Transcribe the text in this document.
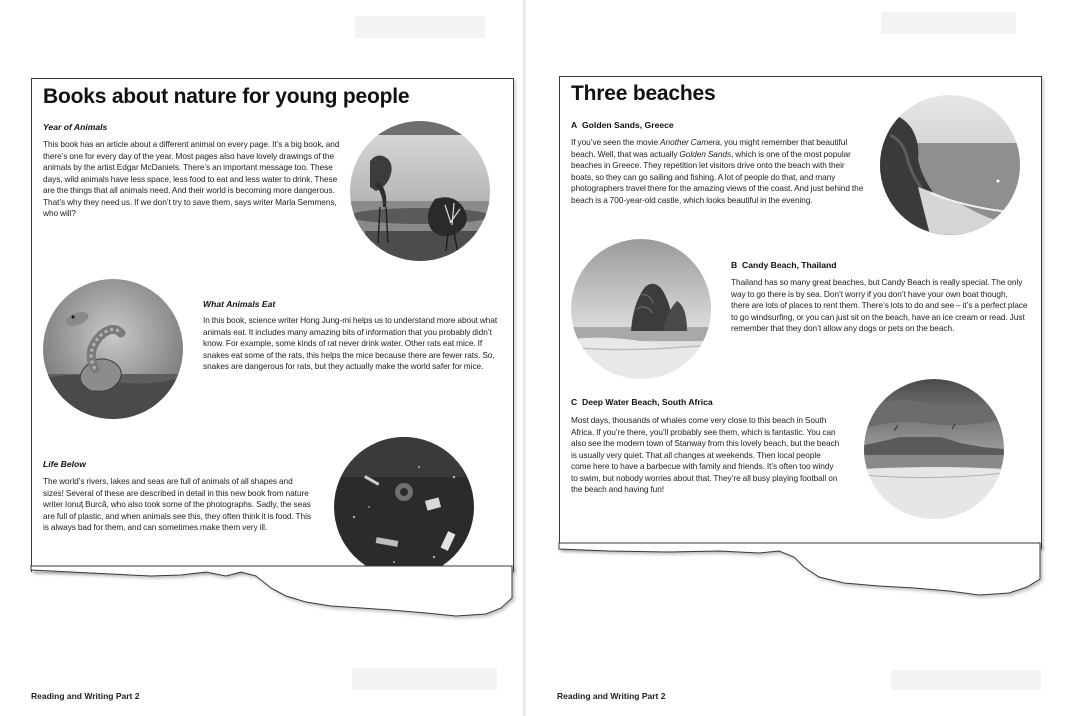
Books about nature for young people
Year of Animals

This book has an article about a different animal on every page. It’s a big book, and there’s one for every day of the year. Most pages also have lovely drawings of the animals by the artist Edgar McDaniels. There’s an important message too. These days, wild animals have less space, less food to eat and less water to drink. These are the things that all animals need. And their world is becoming more dangerous. That’s why they need us. If we don’t try to save them, says writer Marla Semmens, who will?

What Animals Eat

In this book, science writer Hong Jung-mi helps us to understand more about what animals eat. It includes many amazing bits of information that you probably didn’t know. For example, some kinds of rat never drink water. Other rats eat mice. If snakes eat some of the rats, this helps the mice because there are fewer rats. So, snakes are dangerous for rats, but they actually make the world safer for mice.

Life Below

The world’s rivers, lakes and seas are full of animals of all shapes and sizes! Several of these are described in detail in this new book from nature writer Ionuț Burcă, who also took some of the photographs. Sadly, the seas are full of plastic, and when animals see this, they often think it is food. This is always bad for them, and can sometimes make them very ill.

Reading and Writing Part 2
Three beaches
A Golden Sands, Greece

If you’ve seen the movie Another Camera, you might remember that beautiful beach. Well, that was actually Golden Sands, which is one of the most popular beaches in Greece. They repetition let visitors drive onto the beach with their boats, so they can go sailing and fishing. A lot of people do that, and many photographers travel there for the amazing views of the coast. And just behind the beach is a 700-year-old castle, which looks beautiful in the evening.

B Candy Beach, Thailand

Thailand has so many great beaches, but Candy Beach is really special. The only way to go there is by sea. Don’t worry if you don’t have your own boat though, there are lots of places to rent them. There’s lots to do and see – it’s a perfect place to go windsurfing, or you can just sit on the beach, have an ice cream or read. Just remember that they don’t allow any dogs or pets on the beach.

C Deep Water Beach, South Africa

Most days, thousands of whales come very close to this beach in South Africa. If you’re there, you’ll probably see them, which is fantastic. You can also see the modern town of Stanway from this lovely beach, but the beach is usually very quiet. That all changes at weekends. Then local people come here to have a barbecue with family and friends. It’s often too windy to swim, but nobody worries about that. They’re all busy playing football on the beach and having fun!

Reading and Writing Part 2
